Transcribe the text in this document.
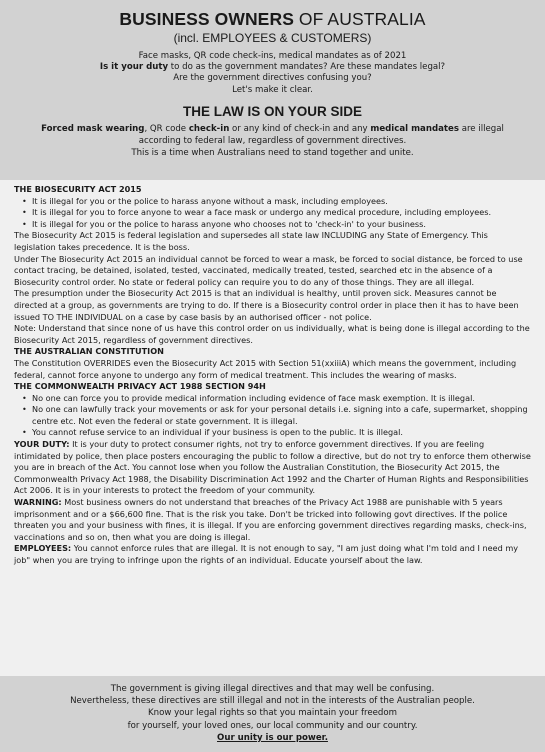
BUSINESS OWNERS OF AUSTRALIA
(incl. EMPLOYEES & CUSTOMERS)
Face masks, QR code check-ins, medical mandates as of 2021
Is it your duty to do as the government mandates? Are these mandates legal?
Are the government directives confusing you?
Let's make it clear.
THE LAW IS ON YOUR SIDE
Forced mask wearing, QR code check-in or any kind of check-in and any medical mandates are illegal
according to federal law, regardless of government directives.
This is a time when Australians need to stand together and unite.
THE BIOSECURITY ACT 2015
• It is illegal for you or the police to harass anyone without a mask, including employees.
• It is illegal for you to force anyone to wear a face mask or undergo any medical procedure, including employees.
• It is illegal for you or the police to harass anyone who chooses not to 'check-in' to your business.

The Biosecurity Act 2015 is federal legislation and supersedes all state law INCLUDING any State of Emergency. This legislation takes precedence. It is the boss.

Under The Biosecurity Act 2015 an individual cannot be forced to wear a mask, be forced to social distance, be forced to use contact tracing, be detained, isolated, tested, vaccinated, medically treated, tested, searched etc in the absence of a Biosecurity control order. No state or federal policy can require you to do any of those things. They are all illegal.

The presumption under the Biosecurity Act 2015 is that an individual is healthy, until proven sick. Measures cannot be directed at a group, as governments are trying to do. If there is a Biosecurity control order in place then it has to have been issued TO THE INDIVIDUAL on a case by case basis by an authorised officer - not police.

Note: Understand that since none of us have this control order on us individually, what is being done is illegal according to the Biosecurity Act 2015, regardless of government directives.

THE AUSTRALIAN CONSTITUTION

The Constitution OVERRIDES even the Biosecurity Act 2015 with Section 51(xxiiiA) which means the government, including federal, cannot force anyone to undergo any form of medical treatment. This includes the wearing of masks.

THE COMMONWEALTH PRIVACY ACT 1988 SECTION 94H
• No one can force you to provide medical information including evidence of face mask exemption. It is illegal.
• No one can lawfully track your movements or ask for your personal details i.e. signing into a cafe, supermarket, shopping centre etc. Not even the federal or state government. It is illegal.
• You cannot refuse service to an individual if your business is open to the public. It is illegal.

YOUR DUTY: It is your duty to protect consumer rights, not try to enforce government directives. If you are feeling intimidated by police, then place posters encouraging the public to follow a directive, but do not try to enforce them otherwise you are in breach of the Act. You cannot lose when you follow the Australian Constitution, the Biosecurity Act 2015, the Commonwealth Privacy Act 1988, the Disability Discrimination Act 1992 and the Charter of Human Rights and Responsibilities Act 2006. It is in your interests to protect the freedom of your community.

WARNING: Most business owners do not understand that breaches of the Privacy Act 1988 are punishable with 5 years imprisonment and or a $66,600 fine. That is the risk you take. Don't be tricked into following govt directives. If the police threaten you and your business with fines, it is illegal. If you are enforcing government directives regarding masks, check-ins, vaccinations and so on, then what you are doing is illegal.

EMPLOYEES: You cannot enforce rules that are illegal. It is not enough to say, "I am just doing what I'm told and I need my job" when you are trying to infringe upon the rights of an individual. Educate yourself about the law.

The government is giving illegal directives and that may well be confusing.
Nevertheless, these directives are still illegal and not in the interests of the Australian people.
Know your legal rights so that you maintain your freedom
for yourself, your loved ones, our local community and our country.
Our unity is our power.
